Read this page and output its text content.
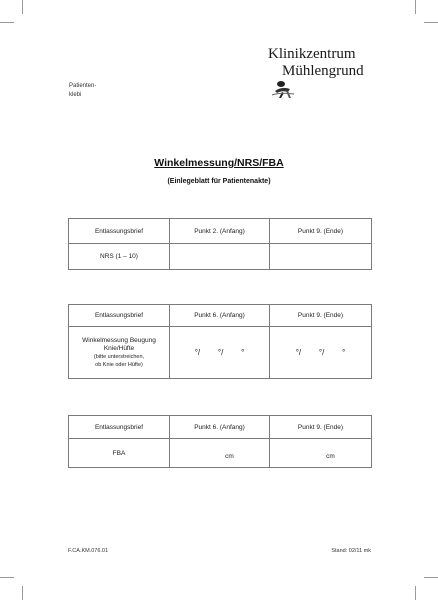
Klinikzentrum
Mühlengrund
Patienten-
klebi
Winkelmessung/NRS/FBA
(Einlegeblatt für Patientenakte)
Entlassungsbrief	Punkt 2. (Anfang)	Punkt 9. (Ende)
NRS (1 – 10)		
Entlassungsbrief	Punkt 6. (Anfang)	Punkt 9. (Ende)

Winkelmessung Beugung
Knie/Hüfte
(bitte unterstreichen,
ob Knie oder Hüfte)	°/        °/        °	°/        °/        °
Entlassungsbrief	Punkt 6. (Anfang)	Punkt 9. (Ende)
FBA	cm	cm
F.CA.KM.076.01	Stand: 02/11 mk
